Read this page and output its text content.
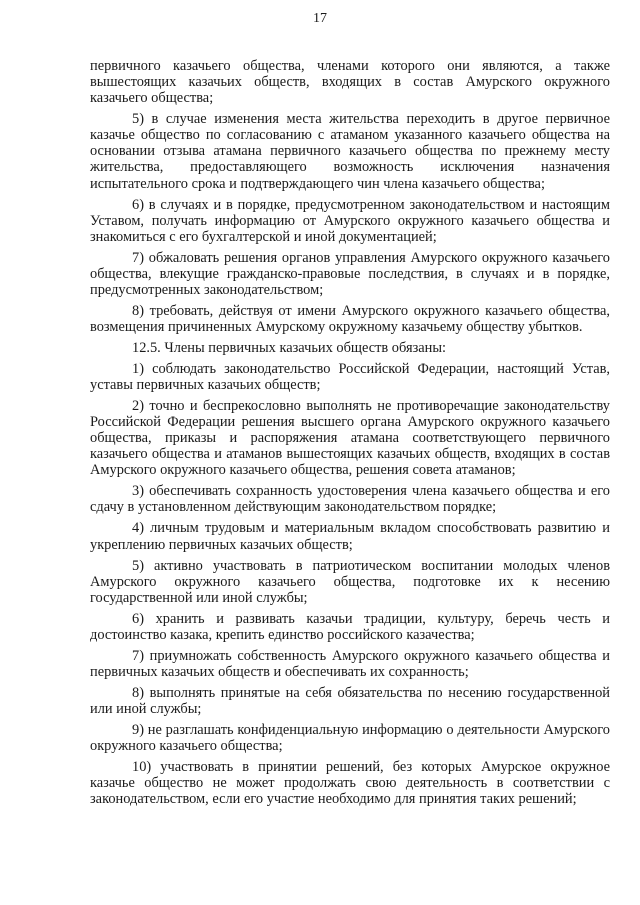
17

первичного казачьего общества, членами которого они являются, а также вышестоящих казачьих обществ, входящих в состав Амурского окружного казачьего общества;

5) в случае изменения места жительства переходить в другое первичное казачье общество по согласованию с атаманом указанного казачьего общества на основании отзыва атамана первичного казачьего общества по прежнему месту жительства, предоставляющего возможность исключения назначения испытательного срока и подтверждающего чин члена казачьего общества;

6) в случаях и в порядке, предусмотренном законодательством и настоящим Уставом, получать информацию от Амурского окружного казачьего общества и знакомиться с его бухгалтерской и иной документацией;

7) обжаловать решения органов управления Амурского окружного казачьего общества, влекущие гражданско-правовые последствия, в случаях и в порядке, предусмотренных законодательством;

8) требовать, действуя от имени Амурского окружного казачьего общества, возмещения причиненных Амурскому окружному казачьему обществу убытков.

12.5. Члены первичных казачьих обществ обязаны:

1) соблюдать законодательство Российской Федерации, настоящий Устав, уставы первичных казачьих обществ;

2) точно и беспрекословно выполнять не противоречащие законодательству Российской Федерации решения высшего органа Амурского окружного казачьего общества, приказы и распоряжения атамана соответствующего первичного казачьего общества и атаманов вышестоящих казачьих обществ, входящих в состав Амурского окружного казачьего общества, решения совета атаманов;

3) обеспечивать сохранность удостоверения члена казачьего общества и его сдачу в установленном действующим законодательством порядке;

4) личным трудовым и материальным вкладом способствовать развитию и укреплению первичных казачьих обществ;

5) активно участвовать в патриотическом воспитании молодых членов Амурского окружного казачьего общества, подготовке их к несению государственной или иной службы;

6) хранить и развивать казачьи традиции, культуру, беречь честь и достоинство казака, крепить единство российского казачества;

7) приумножать собственность Амурского окружного казачьего общества и первичных казачьих обществ и обеспечивать их сохранность;

8) выполнять принятые на себя обязательства по несению государственной или иной службы;

9) не разглашать конфиденциальную информацию о деятельности Амурского окружного казачьего общества;

10) участвовать в принятии решений, без которых Амурское окружное казачье общество не может продолжать свою деятельность в соответствии с законодательством, если его участие необходимо для принятия таких решений;
